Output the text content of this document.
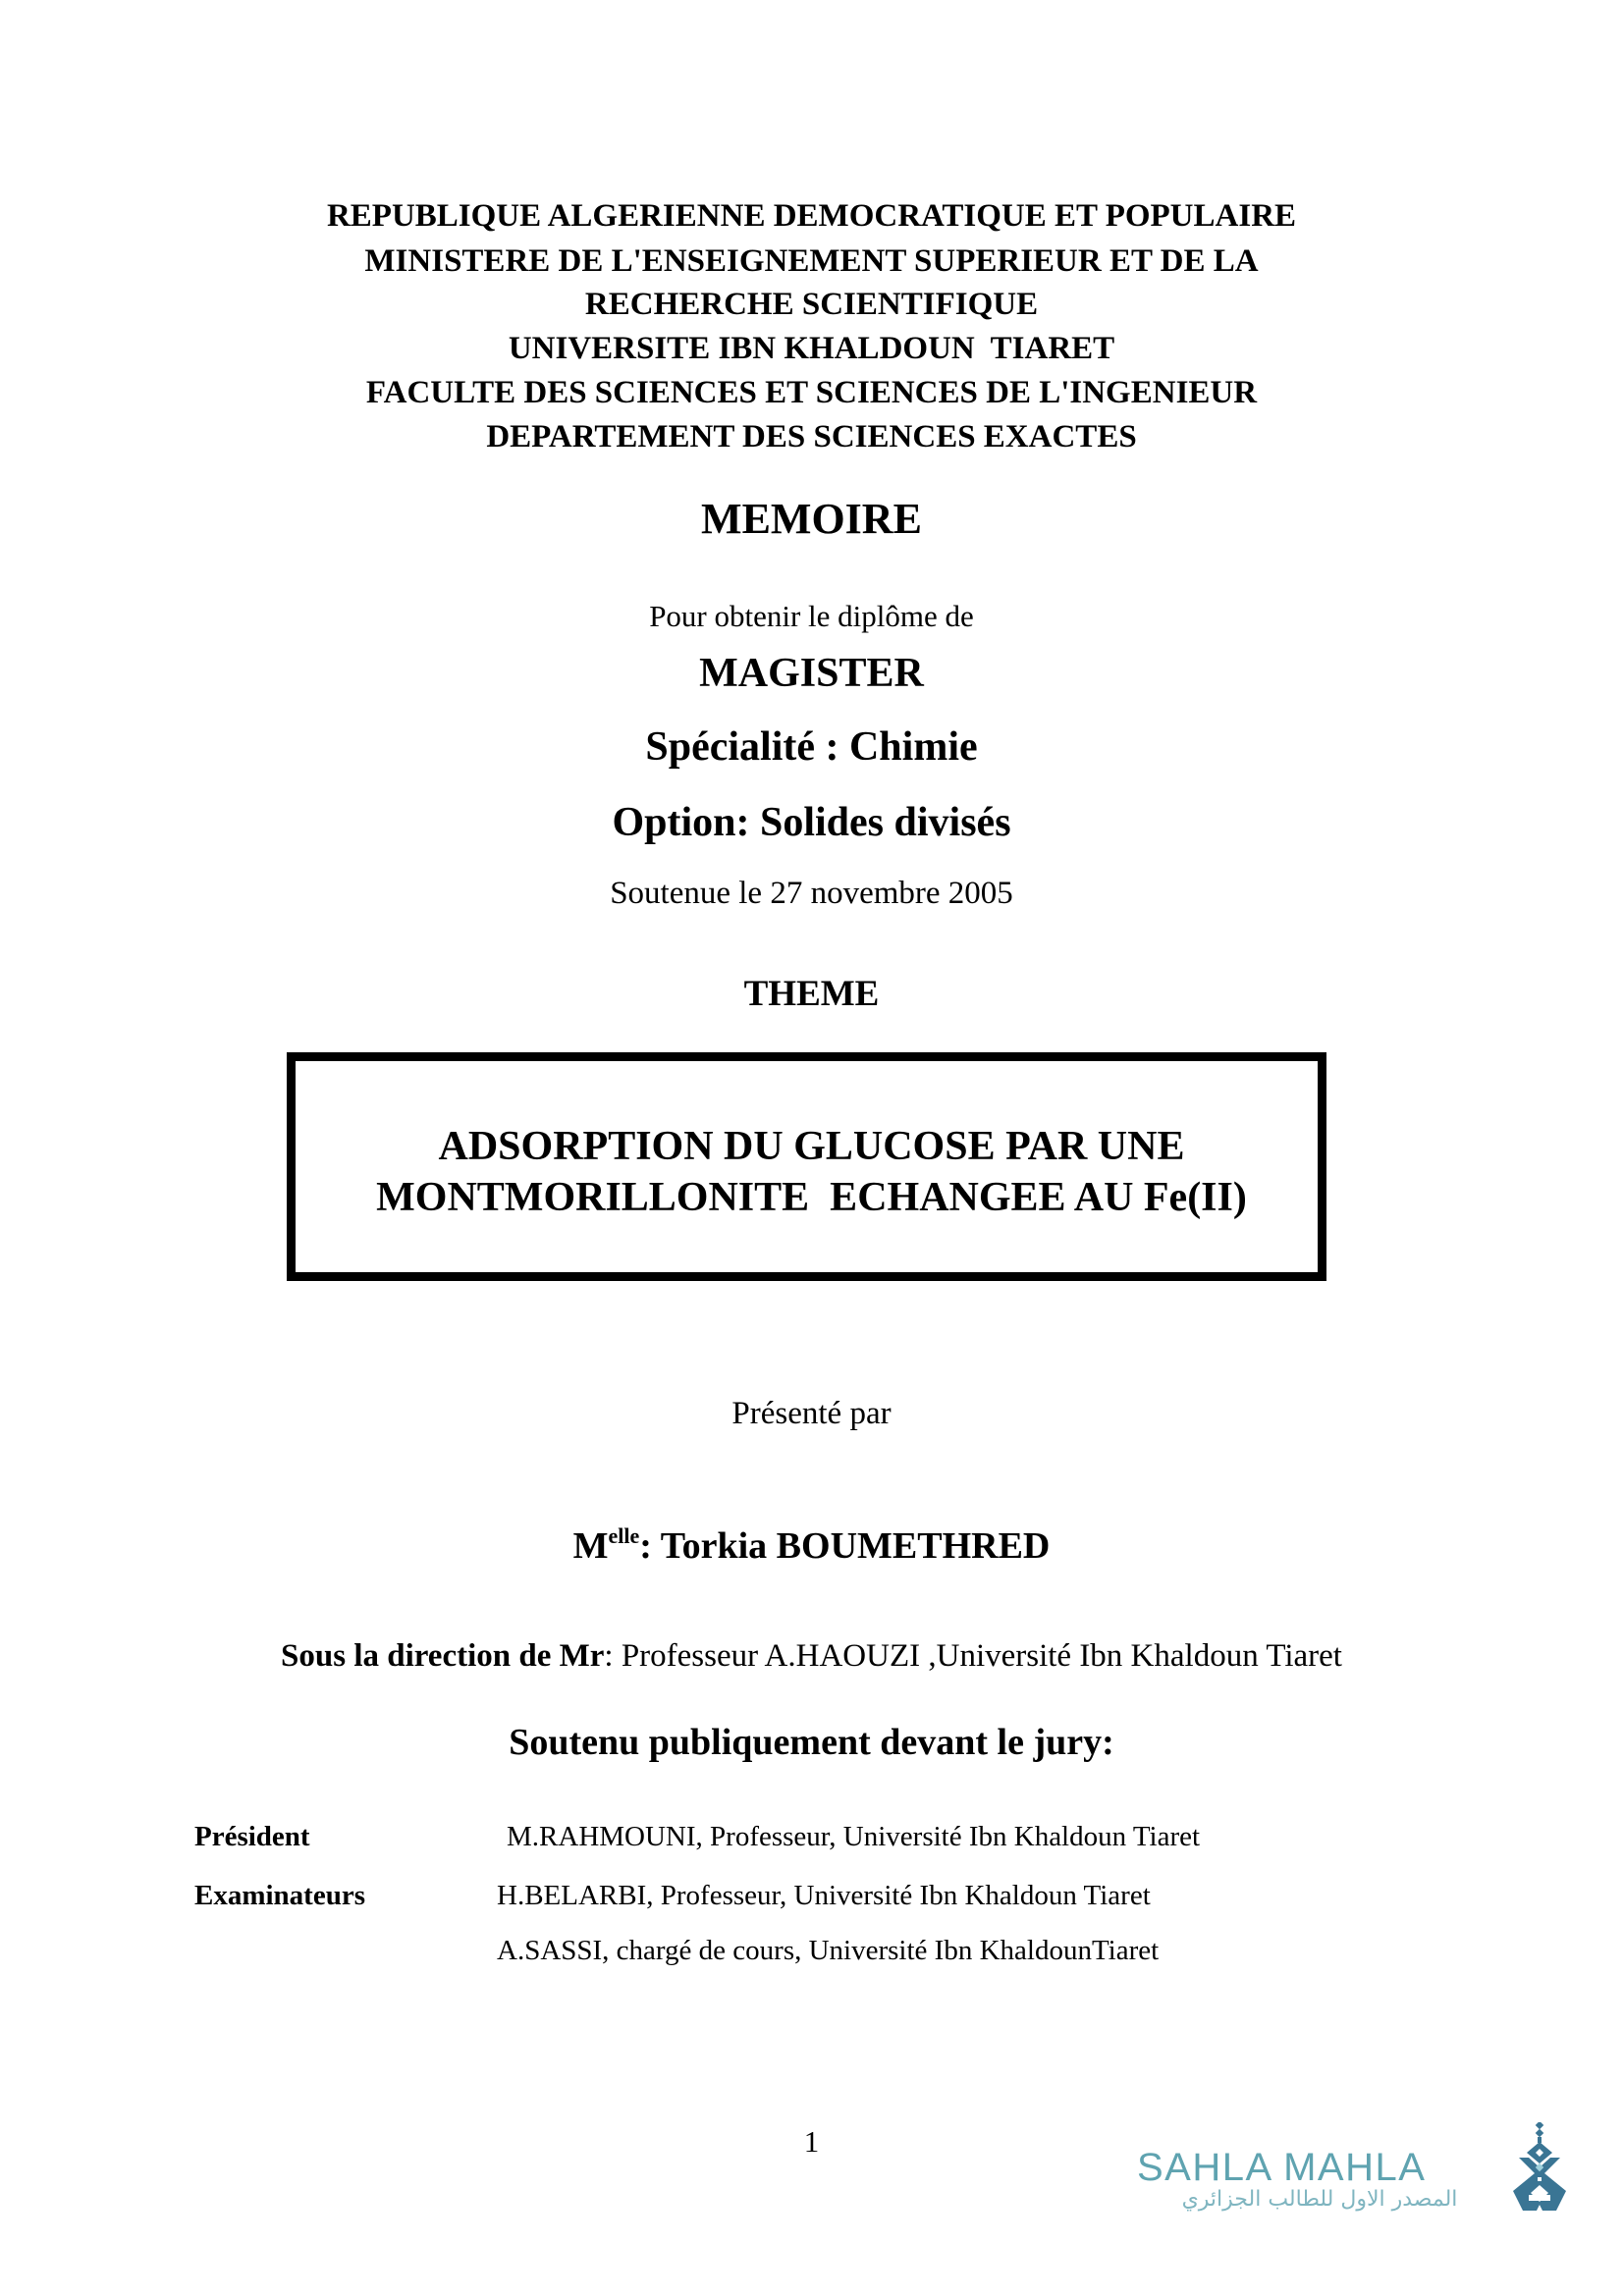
REPUBLIQUE ALGERIENNE DEMOCRATIQUE ET POPULAIRE
MINISTERE DE L'ENSEIGNEMENT SUPERIEUR ET DE LA
RECHERCHE SCIENTIFIQUE
UNIVERSITE IBN KHALDOUN  TIARET
FACULTE DES SCIENCES ET SCIENCES DE L'INGENIEUR
DEPARTEMENT DES SCIENCES EXACTES
MEMOIRE
Pour obtenir le diplôme de
MAGISTER
Spécialité : Chimie
Option: Solides divisés
Soutenue le 27 novembre 2005
THEME
ADSORPTION DU GLUCOSE PAR UNE
MONTMORILLONITE  ECHANGEE AU Fe(II)
Présenté par
$M^{elle}$: Torkia BOUMETHRED
Sous la direction de Mr: Professeur A.HAOUZI ,Université Ibn Khaldoun Tiaret
Soutenu publiquement devant le jury:
Président	M.RAHMOUNI, Professeur, Université Ibn Khaldoun Tiaret
Examinateurs	H.BELARBI, Professeur, Université Ibn Khaldoun Tiaret
A.SASSI, chargé de cours, Université Ibn KhaldounTiaret
1
SAHLA MAHLA
المصدر الاول للطالب الجزائري
